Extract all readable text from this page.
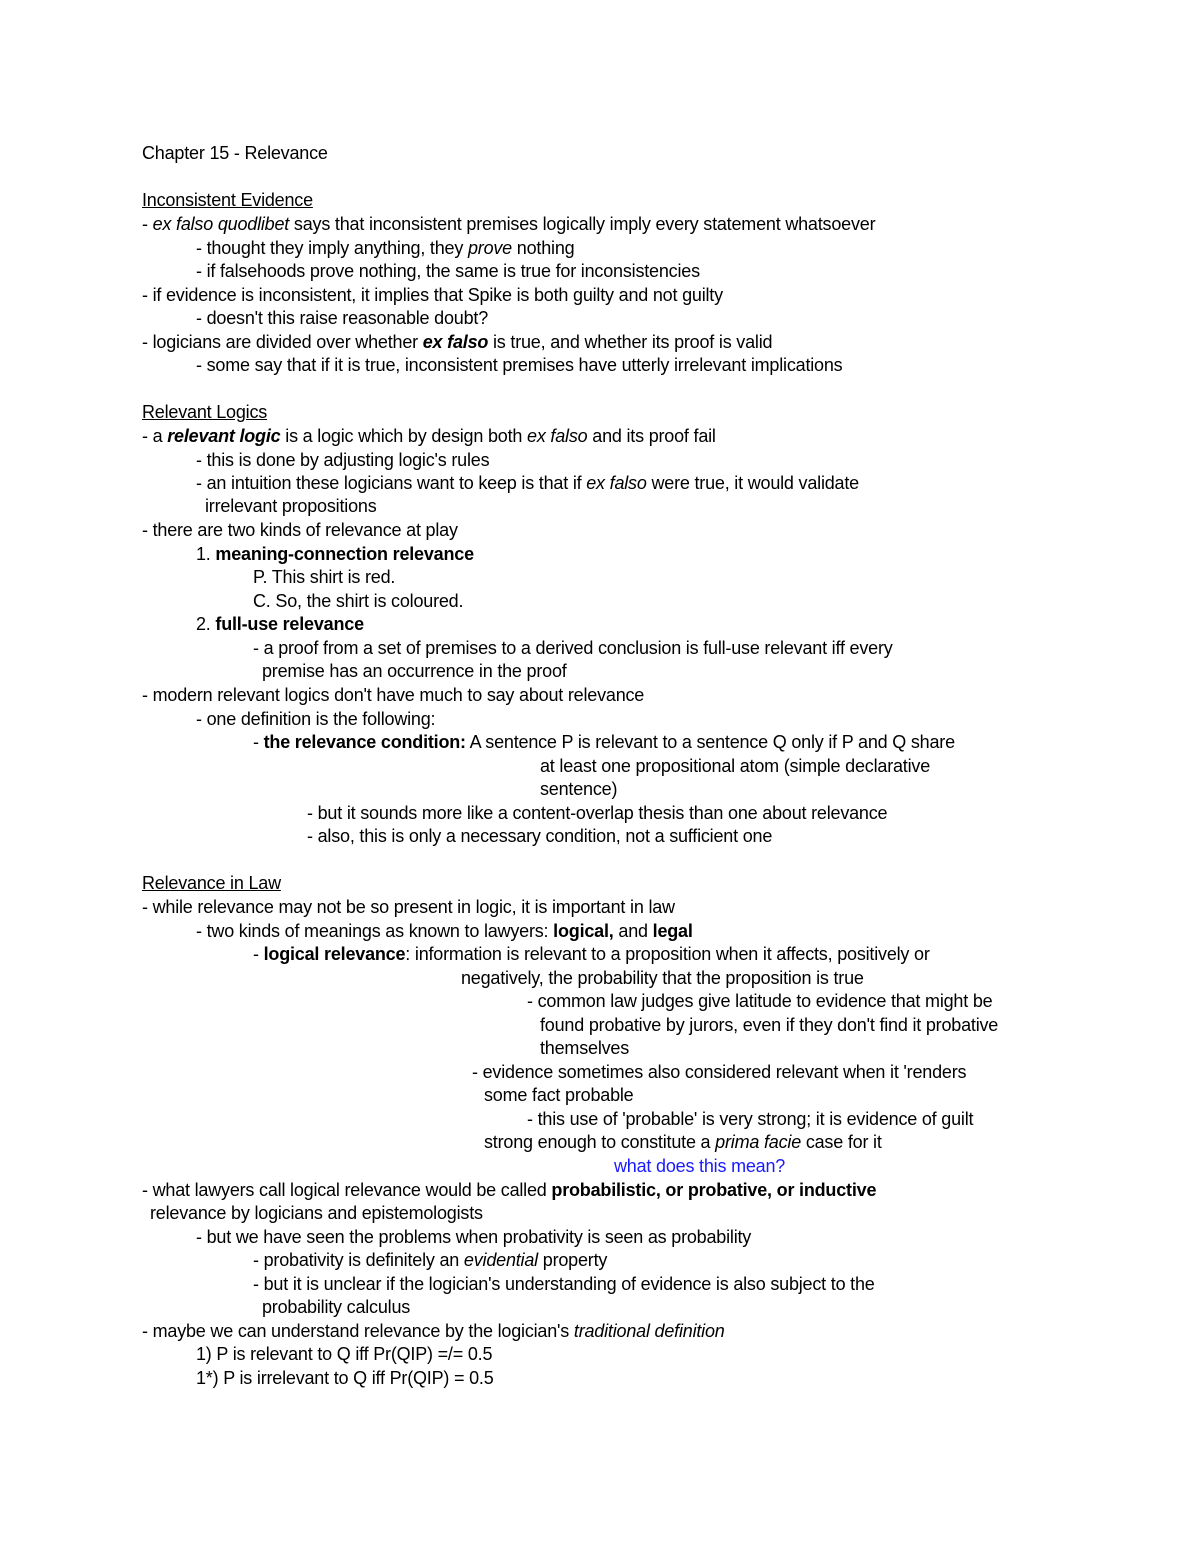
Chapter 15 - Relevance
Inconsistent Evidence
- ex falso quodlibet says that inconsistent premises logically imply every statement whatsoever
- thought they imply anything, they prove nothing
- if falsehoods prove nothing, the same is true for inconsistencies
- if evidence is inconsistent, it implies that Spike is both guilty and not guilty
- doesn't this raise reasonable doubt?
- logicians are divided over whether ex falso is true, and whether its proof is valid
- some say that if it is true, inconsistent premises have utterly irrelevant implications
Relevant Logics
- a relevant logic is a logic which by design both ex falso and its proof fail
- this is done by adjusting logic's rules
- an intuition these logicians want to keep is that if ex falso were true, it would validate
irrelevant propositions
- there are two kinds of relevance at play
1. meaning-connection relevance
P. This shirt is red.
C. So, the shirt is coloured.
2. full-use relevance
- a proof from a set of premises to a derived conclusion is full-use relevant iff every
premise has an occurrence in the proof
- modern relevant logics don't have much to say about relevance
- one definition is the following:
- the relevance condition: A sentence P is relevant to a sentence Q only if P and Q share
at least one propositional atom (simple declarative
sentence)
- but it sounds more like a content-overlap thesis than one about relevance
- also, this is only a necessary condition, not a sufficient one
Relevance in Law
- while relevance may not be so present in logic, it is important in law
- two kinds of meanings as known to lawyers: logical, and legal
- logical relevance: information is relevant to a proposition when it affects, positively or
negatively, the probability that the proposition is true
- common law judges give latitude to evidence that might be
found probative by jurors, even if they don't find it probative
themselves
- evidence sometimes also considered relevant when it 'renders
some fact probable
- this use of 'probable' is very strong; it is evidence of guilt
strong enough to constitute a prima facie case for it
what does this mean?
- what lawyers call logical relevance would be called probabilistic, or probative, or inductive
relevance by logicians and epistemologists
- but we have seen the problems when probativity is seen as probability
- probativity is definitely an evidential property
- but it is unclear if the logician's understanding of evidence is also subject to the
probability calculus
- maybe we can understand relevance by the logician's traditional definition
1) P is relevant to Q iff Pr(QIP) =/= 0.5
1*) P is irrelevant to Q iff Pr(QIP) = 0.5
